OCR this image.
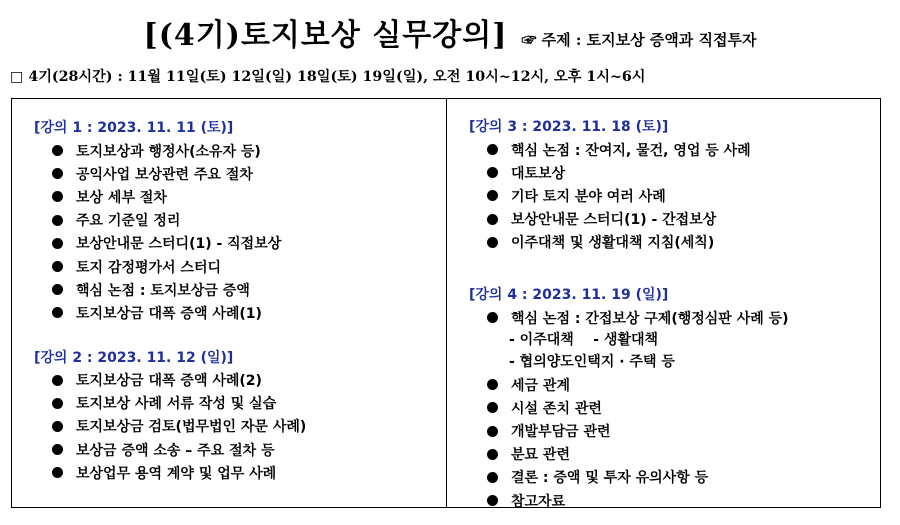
[(4기)토지보상 실무강의] ☞ 주제 : 토지보상 증액과 직접투자
□ 4기(28시간) : 11월 11일(토) 12일(일) 18일(토) 19일(일), 오전 10시~12시, 오후 1시~6시
[강의 1 : 2023. 11. 11 (토)]
토지보상과 행정사(소유자 등)
공익사업 보상관련 주요 절차
보상 세부 절차
주요 기준일 정리
보상안내문 스터디(1) - 직접보상
토지 감정평가서 스터디
핵심 논점 : 토지보상금 증액
토지보상금 대폭 증액 사례(1)
[강의 2 : 2023. 11. 12 (일)]
토지보상금 대폭 증액 사례(2)
토지보상 사례 서류 작성 및 실습
토지보상금 검토(법무법인 자문 사례)
보상금 증액 소송 – 주요 절차 등
보상업무 용역 계약 및 업무 사례
[강의 3 : 2023. 11. 18 (토)]
핵심 논점 : 잔여지, 물건, 영업 등 사례
대토보상
기타 토지 분야 여러 사례
보상안내문 스터디(1) - 간접보상
이주대책 및 생활대책 지침(세칙)
[강의 4 : 2023. 11. 19 (일)]
핵심 논점 : 간접보상 구제(행정심판 사례 등)
- 이주대책    - 생활대책
- 협의양도인택지 · 주택 등
세금 관계
시설 존치 관련
개발부담금 관련
분묘 관련
결론 : 증액 및 투자 유의사항 등
참고자료
